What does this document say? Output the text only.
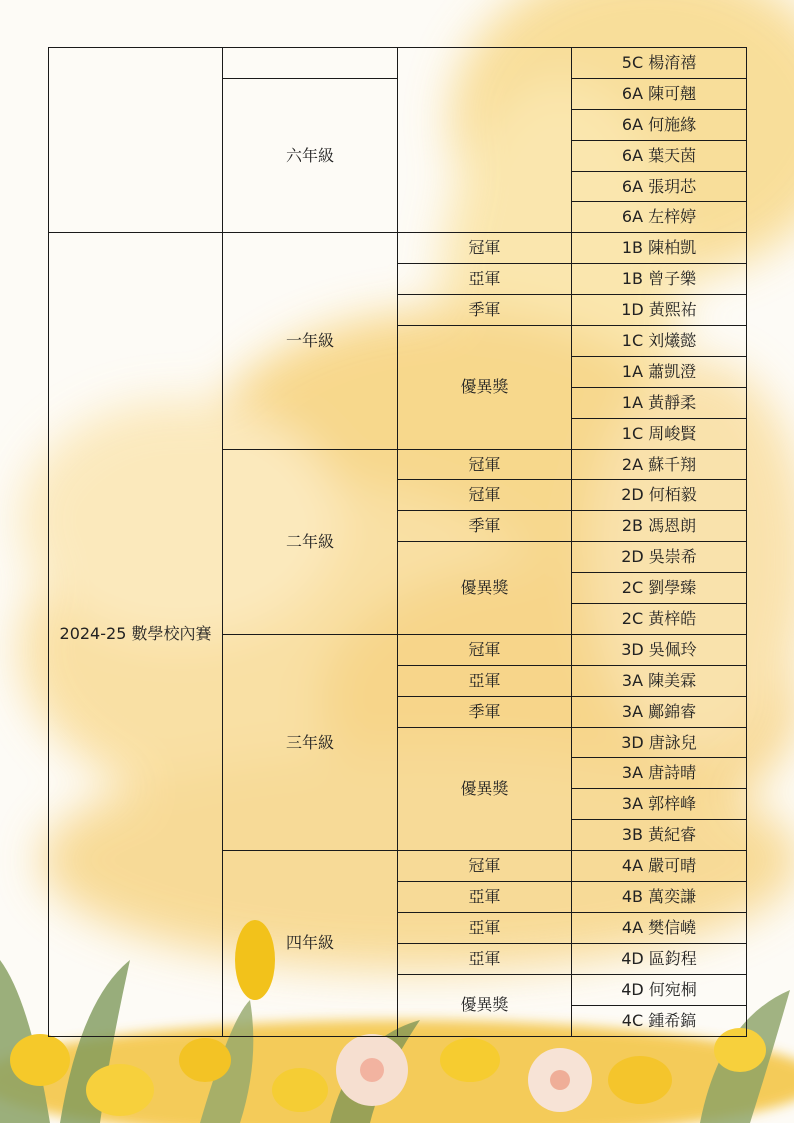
			5C 楊淯禧
	六年級		6A 陳可翹
			6A 何施緣
			6A 葉天茵
			6A 張玥芯
			6A 左梓婷
2024-25 數學校內賽	一年級	冠軍	1B 陳柏凱
		亞軍	1B 曾子樂
		季軍	1D 黃熙祐
		優異獎	1C 刘爔懿
			1A 蕭凱澄
			1A 黃靜柔
			1C 周峻賢
	二年級	冠軍	2A 蘇千翔
		冠軍	2D 何栢毅
		季軍	2B 馮恩朗
		優異獎	2D 吳崇希
			2C 劉學臻
			2C 黃梓皓
	三年級	冠軍	3D 吳佩玲
		亞軍	3A 陳美霖
		季軍	3A 鄺錦睿
		優異獎	3D 唐詠兒
			3A 唐詩晴
			3A 郭梓峰
			3B 黃紀睿
	四年級	冠軍	4A 嚴可晴
		亞軍	4B 萬奕謙
		亞軍	4A 樊信嶢
		亞軍	4D 區鈞程
		優異獎	4D 何宛桐
			4C 鍾希鎬
